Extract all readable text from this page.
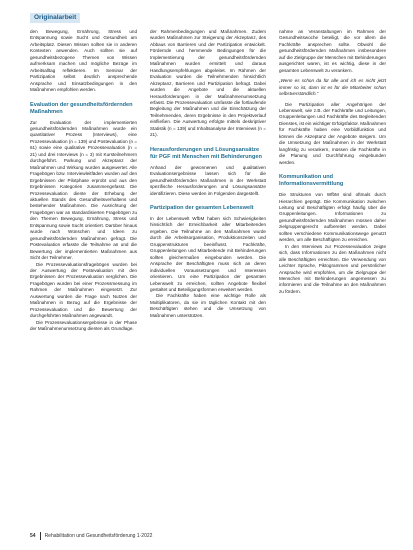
Originalarbeit

den Bewegung, Ernährung, Stress und Entspannung sowie Sucht und Gesundheit am Arbeitsplatz. Diesen Wissen sollten sie in anderen Kontexten anwenden. Auch sollten sie auf gesundheitsbezogene Themen von Wissen aufmerksam machen und mögliche Bezüge im Arbeitsalltag reflektieren. Im Seminar der Partizipation selbst deutlich ansprechende Ansprache und Einsatzbedingungen in den Maßnahmen empfohlen werden.

Evaluation der gesundheitsfördernden Maßnahmen

Zur Evaluation der implementierten gesundheitsfördernden Maßnahmen wurde ein quantitativer Prozess (Interviews), eine Prozessevaluation (n = 139) und Postevaluation (n = 61) sowie eine qualitative Prozessevaluation (n = 21) und drei Interviews (n = 3) mit Kursteilnehmern durchgeführt. Parkung und Akzeptanz der Maßnahmen und Wirkung wurden ausgewertet. Alle Fragebögen bzw. Interviewleitfäden wurden auf den Ergebnissen der Pilotphase erprobt und aus den Ergebnissen Kategorien zusammengefasst. Die Prozessevaluation diente der Erhebung der aktuellen Stands des Gesundheitsverhaltens und bestehender Maßnahmen. Die Ausrichtung der Fragebögen war an standardisierten Fragebögen zu den Themen Bewegung, Ernährung, Stress und Entspannung sowie Sucht orientiert. Darüber hinaus wurde nach Wünschen und Ideen zu gesundheitsfördernden Maßnahmen gefragt. Die Postevaluation erfasste die Teilnahme an und die Bewertung der implementierten Maßnahmen aus Sicht der Teilnehmer.

Die Prozessevaluationsfragebögen wurden bei der Auswertung der Postevaluation mit den Ergebnissen der Prozessevaluation verglichen. Die Fragebögen wurden bei einer Prozessmessung im Rahmen der Maßnahmen eingesetzt. Zur Auswertung wurden die Frage nach Nutzen der Maßnahmen in Bezug auf die Ergebnisse der Prozessevaluation und die Bewertung der durchgeführten Maßnahmen angewandt.

Die Prozessevaluationsergebnisse in der Phase der Maßnahmenumsetzung dienten als Grundlage.

der Rahmenbedingungen und Maßnahmen. Zudem wurden Maßnahmen zur Steigerung der Akzeptanz, des Abbaus von Barrieren und der Partizipation entwickelt. Fördernde und hemmende Bedingungen für die Implementierung der gesundheitsfördernden Maßnahmen wurden ermittelt und daraus Handlungsempfehlungen abgeleitet. Im Rahmen der Evaluation wurden die Teilnehmenden hinsichtlich Akzeptanz, Barrieren und Partizipation befragt. Dabei wurden die Angebote und die aktuellen Herausforderungen in der Maßnahmenumsetzung erfasst. Die Prozessevaluation umfasste die fortlaufende Begleitung der Maßnahmen und die Einschätzung der Teilnehmenden, deren Ergebnisse in den Projektverlauf einfließen. Die Auswertung erfolgte mittels deskriptiver Statistik (n = 139) und Inhaltsanalyse der Interviews (n = 21).

Herausforderungen und Lösungsansätze für PGF mit Menschen mit Behinderungen

Anhand der gewonnenen und qualitativen Evaluationsergebnisse lassen sich für die gesundheitsfördernden Maßnahmen in der Werkstatt spezifische Herausforderungen und Lösungsansätze identifizieren. Diese werden im Folgenden dargestellt.

Partizipation der gesamten Lebenswelt

In der Lebenswelt WfbM haben sich Schwierigkeiten hinsichtlich der Erreichbarkeit aller Mitarbeitenden ergeben. Die Teilnahme an den Maßnahmen wurde durch die Arbeitsorganisation, Produktionszeiten und Gruppenstrukturen beeinflusst. Fachkräfte, Gruppenleitungen und Mitarbeitende mit Behinderungen sollten gleichermaßen eingebunden werden. Die Ansprache der Beschäftigten muss sich an deren individuellen Voraussetzungen und Interessen orientieren. Um eine Partizipation der gesamten Lebenswelt zu erreichen, sollten Angebote flexibel gestaltet und Beteiligungsformen erweitert werden.

Die Fachkräfte haben eine wichtige Rolle als Multiplikatoren, da sie im täglichen Kontakt mit den Beschäftigten stehen und die Umsetzung von Maßnahmen unterstützen.

nahme an Veranstaltungen im Rahmen der Gesundheitswoche beteiligt, die vor allem die Fachkräfte ansprechen sollte. Obwohl die gesundheitsfördernden Maßnahmen insbesondere auf die Zielgruppe der Menschen mit Behinderungen ausgerichtet waren, ist es wichtig, diese in der gesamten Lebenswelt zu verankern.

„Wenn es schon da für alle und ich es nicht jetzt immer so ist, dann ist es für die Mitarbeiter schon selbstverständlich.“

Die Partizipation aller Angehörigen der Lebenswelt, wie z.B. der Fachkräfte und Leitungen, Gruppenleitungen und Fachkräfte des Begleitenden Dienstes, ist ein wichtiger Erfolgsfaktor. Maßnahmen für Fachkräfte haben eine Vorbildfunktion und können die Akzeptanz der Angebote steigern. Um die Umsetzung der Maßnahmen in der Werkstatt langfristig zu verankern, müssen die Fachkräfte in die Planung und Durchführung eingebunden werden.

Kommunikation und Informationsvermittlung

Die Strukturen von WfbM sind oftmals durch Hierarchien geprägt. Die Kommunikation zwischen Leitung und Beschäftigten erfolgt häufig über die Gruppenleitungen. Informationen zu gesundheitsfördernden Maßnahmen müssen daher zielgruppengerecht aufbereitet werden. Dabei sollten verschiedene Kommunikationswege genutzt werden, um alle Beschäftigten zu erreichen.

In den Interviews zur Prozessevaluation zeigte sich, dass Informationen zu den Maßnahmen nicht alle Beschäftigten erreichten. Die Verwendung von Leichter Sprache, Piktogrammen und persönlicher Ansprache wird empfohlen, um die Zielgruppe der Menschen mit Behinderungen angemessen zu informieren und die Teilnahme an den Maßnahmen zu fördern.

54 Rehabilitation und Gesundheitsförderung 1·2022
